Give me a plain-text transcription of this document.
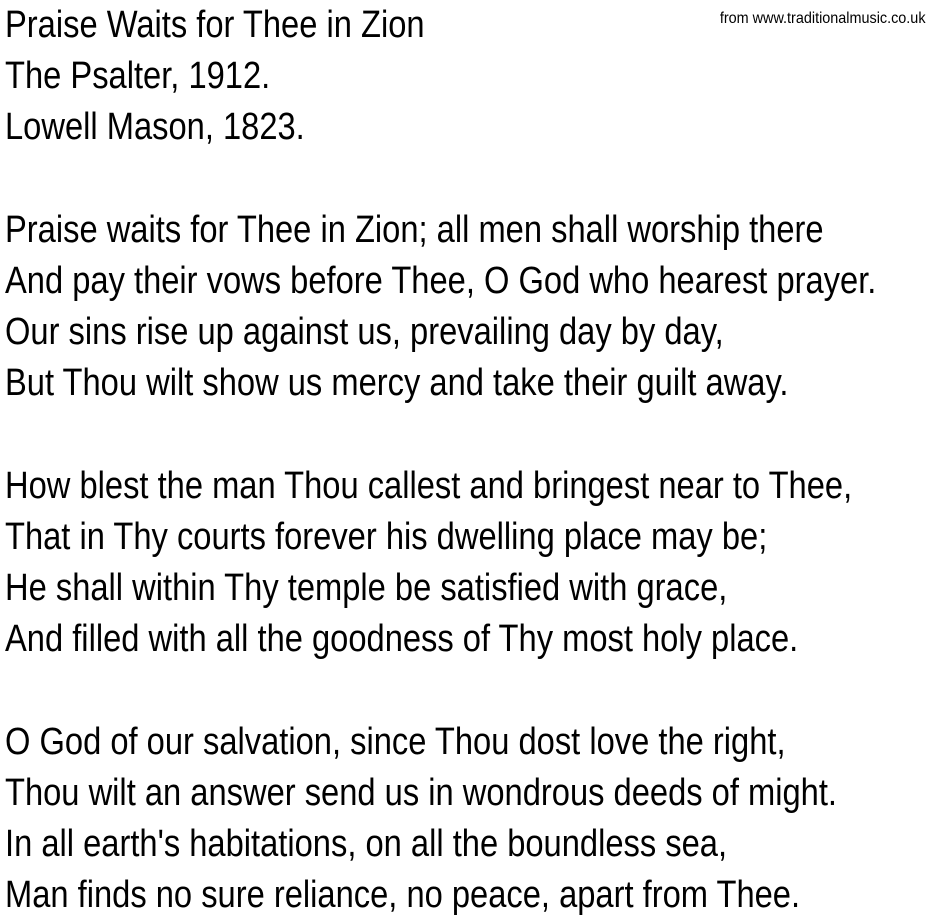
from www.traditionalmusic.co.uk
Praise Waits for Thee in Zion
The Psalter, 1912.
Lowell Mason, 1823.
Praise waits for Thee in Zion; all men shall worship there
And pay their vows before Thee, O God who hearest prayer.
Our sins rise up against us, prevailing day by day,
But Thou wilt show us mercy and take their guilt away.
How blest the man Thou callest and bringest near to Thee,
That in Thy courts forever his dwelling place may be;
He shall within Thy temple be satisfied with grace,
And filled with all the goodness of Thy most holy place.
O God of our salvation, since Thou dost love the right,
Thou wilt an answer send us in wondrous deeds of might.
In all earth's habitations, on all the boundless sea,
Man finds no sure reliance, no peace, apart from Thee.
